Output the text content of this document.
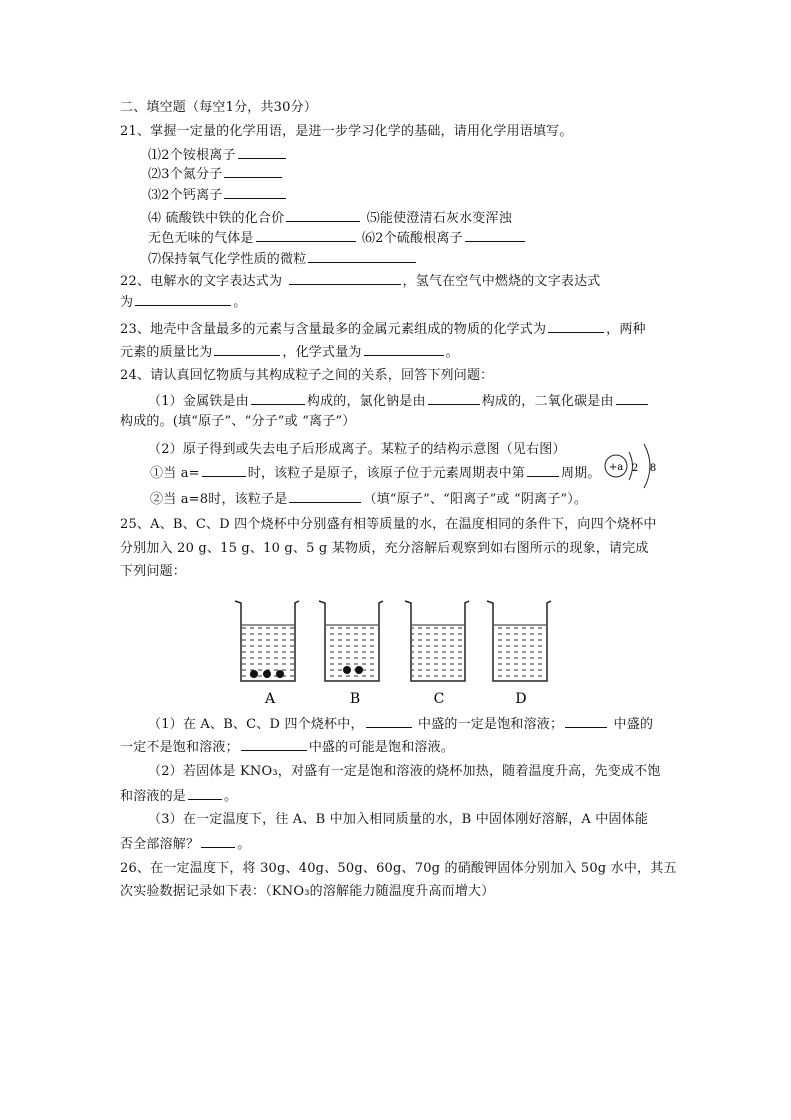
二、填空题（每空1分，共30分）
21、掌握一定量的化学用语，是进一步学习化学的基础，请用化学用语填写。
⑴2个铵根离子
⑵3个氮分子
⑶2个钙离子
⑷ 硫酸铁中铁的化合价	⑸能使澄清石灰水变浑浊
无色无味的气体是	⑹2个硫酸根离子
⑺保持氧气化学性质的微粒
22、电解水的文字表达式为	，氢气在空气中燃烧的文字表达式
为	。
23、地壳中含量最多的元素与含量最多的金属元素组成的物质的化学式为	，两种
元素的质量比为	，化学式量为	。
24、请认真回忆物质与其构成粒子之间的关系，回答下列问题：
（1）金属铁是由	构成的，氯化钠是由	构成的，二氧化碳是由
构成的。(填“原子”、“分子”或 “离子”）
（2）原子得到或失去电子后形成离子。某粒子的结构示意图（见右图）
①当 a=	时，该粒子是原子，该原子位于元素周期表中第	周期。
②当 a=8时，该粒子是	（填“原子”、“阳离子”或 “阴离子”）。
+a 2 8
25、A、B、C、D 四个烧杯中分别盛有相等质量的水，在温度相同的条件下，向四个烧杯中
分别加入 20 g、15 g、10 g、5 g 某物质，充分溶解后观察到如右图所示的现象，请完成
下列问题：
A	B	C	D
（1）在 A、B、C、D 四个烧杯中，	中盛的一定是饱和溶液；	中盛的
一定不是饱和溶液；	中盛的可能是饱和溶液。
（2）若固体是 KNO₃，对盛有一定是饱和溶液的烧杯加热，随着温度升高，先变成不饱
和溶液的是	。
（3）在一定温度下，往 A、B 中加入相同质量的水，B 中固体刚好溶解，A 中固体能
否全部溶解？	。
26、在一定温度下，将 30g、40g、50g、60g、70g 的硝酸钾固体分别加入 50g 水中，其五
次实验数据记录如下表：（KNO₃的溶解能力随温度升高而增大）
